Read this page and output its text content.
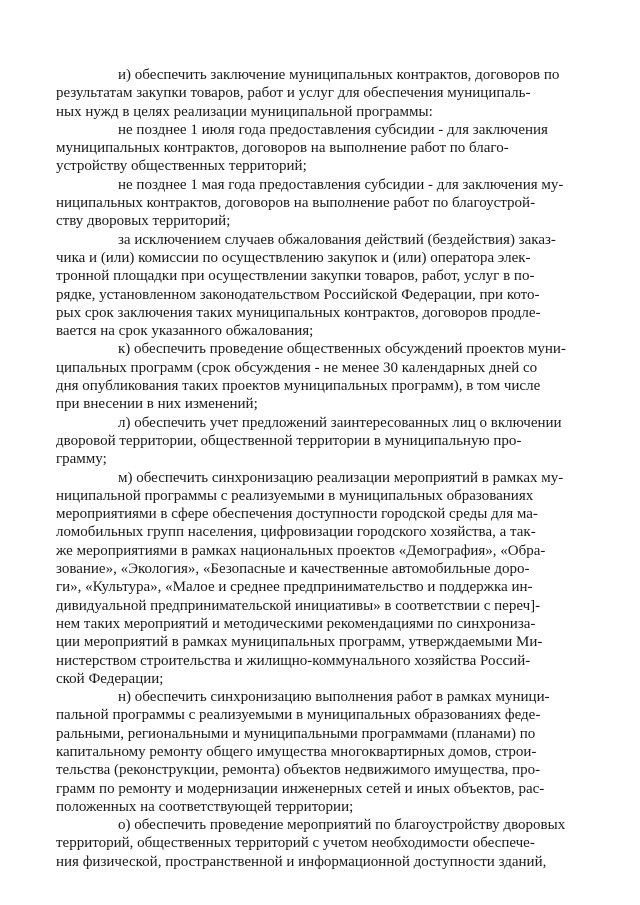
и) обеспечить заключение муниципальных контрактов, договоров по
результатам закупки товаров, работ и услуг для обеспечения муниципаль-
ных нужд в целях реализации муниципальной программы:
не позднее 1 июля года предоставления субсидии - для заключения
муниципальных контрактов, договоров на выполнение работ по благо-
устройству общественных территорий;
не позднее 1 мая года предоставления субсидии - для заключения му-
ниципальных контрактов, договоров на выполнение работ по благоустрой-
ству дворовых территорий;
за исключением случаев обжалования действий (бездействия) заказ-
чика и (или) комиссии по осуществлению закупок и (или) оператора элек-
тронной площадки при осуществлении закупки товаров, работ, услуг в по-
рядке, установленном законодательством Российской Федерации, при кото-
рых срок заключения таких муниципальных контрактов, договоров продле-
вается на срок указанного обжалования;
к) обеспечить проведение общественных обсуждений проектов муни-
ципальных программ (срок обсуждения - не менее 30 календарных дней со
дня опубликования таких проектов муниципальных программ), в том числе
при внесении в них изменений;
л) обеспечить учет предложений заинтересованных лиц о включении
дворовой территории, общественной территории в муниципальную про-
грамму;
м) обеспечить синхронизацию реализации мероприятий в рамках му-
ниципальной программы с реализуемыми в муниципальных образованиях
мероприятиями в сфере обеспечения доступности городской среды для ма-
ломобильных групп населения, цифровизации городского хозяйства, а так-
же мероприятиями в рамках национальных проектов «Демография», «Обра-
зование», «Экология», «Безопасные и качественные автомобильные доро-
ги», «Культура», «Малое и среднее предпринимательство и поддержка ин-
дивидуальной предпринимательской инициативы» в соответствии с переч]-
нем таких мероприятий и методическими рекомендациями по синхрониза-
ции мероприятий в рамках муниципальных программ, утверждаемыми Ми-
нистерством строительства и жилищно-коммунального хозяйства Россий-
ской Федерации;
н) обеспечить синхронизацию выполнения работ в рамках муници-
пальной программы с реализуемыми в муниципальных образованиях феде-
ральными, региональными и муниципальными программами (планами) по
капитальному ремонту общего имущества многоквартирных домов, строи-
тельства (реконструкции, ремонта) объектов недвижимого имущества, про-
грамм по ремонту и модернизации инженерных сетей и иных объектов, рас-
положенных на соответствующей территории;
о) обеспечить проведение мероприятий по благоустройству дворовых
территорий, общественных территорий с учетом необходимости обеспече-
ния физической, пространственной и информационной доступности зданий,
